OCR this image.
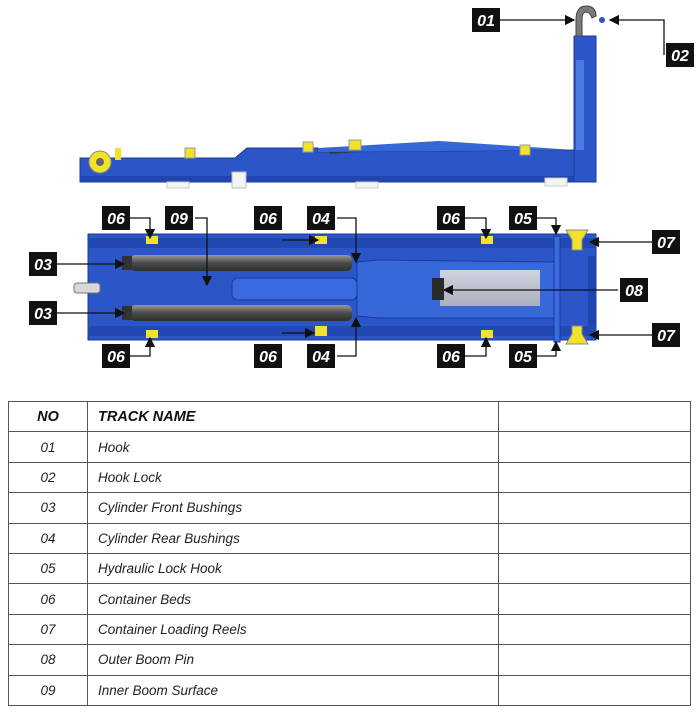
01
02
06	09	06 04	06	05
07
03
08
03
07
06	06 04	06	05
NO	TRACK NAME	
01	Hook	
02	Hook Lock	
03	Cylinder Front Bushings	
04	Cylinder Rear Bushings	
05	Hydraulic Lock Hook	
06	Container Beds	
07	Container Loading Reels	
08	Outer Boom Pin	
09	Inner Boom Surface	
